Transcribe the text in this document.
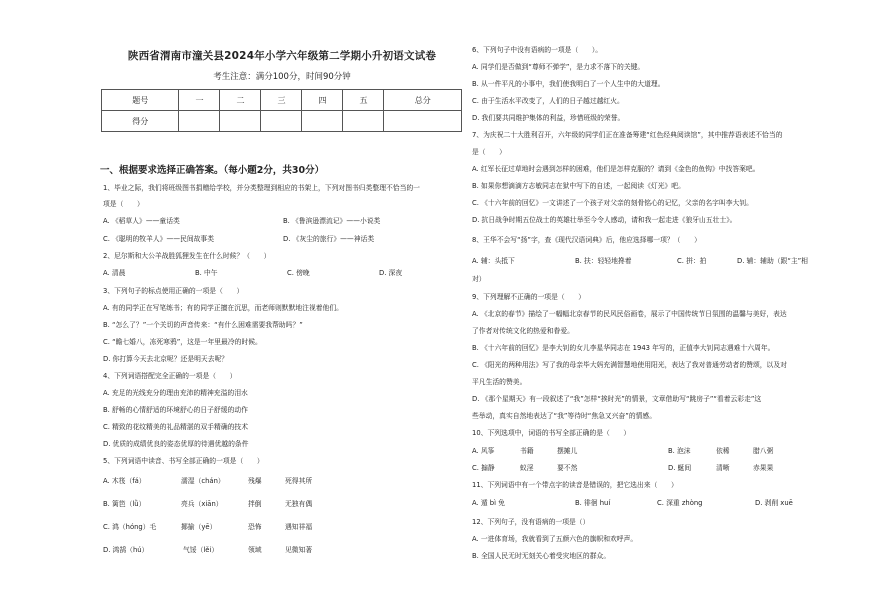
陕西省渭南市潼关县2024年小学六年级第二学期小升初语文试卷
考生注意：满分100分，时间90分钟
题号	一	二	三	四	五	总分
得分						
一、根据要求选择正确答案。（每小题2分，共30分）
1、毕业之际，我们将班级图书捐赠给学校，并分类整理到相应的书架上，下列对图书归类整理不恰当的一
项是（　　）
A. 《稻草人》——童话类	B. 《鲁滨逊漂流记》——小说类
C. 《聪明的牧羊人》——民间故事类	D. 《灰尘的旅行》——神话类
2、尼尔斯和大公羊战胜狐狸发生在什么时候？（　　）
A. 清晨	B. 中午	C. 傍晚	D. 深夜
3、下列句子的标点使用正确的一项是（　　）
A. 有的同学正在写笔练书；有的同学正擅在沉思，而老师则默默地注视着他们。
B. “怎么了？”一个关切的声音传来：“有什么困难需要我帮助吗？”
C. “瞻七婚八，冻死寒鸦”，这是一年里最冷的时候。
D. 你打算今天去北京呢？还是明天去呢？
4、下列词语搭配完全正确的一项是（　　）
A. 充足的光线充分的理由充沛的精神充溢的泪水
B. 舒畅的心情舒适的环境舒心的日子舒缓的动作
C. 精致的花纹精美的礼品精湛的双手精确的技术
D. 优质的成绩优良的姿态优厚的待遇优越的条件
5、下列词语中读音、书写全部正确的一项是（　　）
A. 木筏（fá）	濡湿（chán）	残爆	死得其所
B. 篱笆（lǜ）	亮兵（xiān）	拌倒	无独有偶
C. 鸿（hóng）毛	揶揄（yē）	恐怖	遇知祥福
D. 鸿鹄（hú）	气馁（lěi）	领域	见微知著
6、下列句子中没有语病的一项是（　　）。
A. 同学们是否做到“尊师不弹学”，是力求不落下的关键。
B. 从一件平凡的小事中，我们使我明白了一个人生中的大道理。
C. 由于生活水平改变了，人们的日子越过越红火。
D. 我们要共同维护集体的利益，珍惜班级的荣誉。
7、为庆祝二十大胜利召开，六年级的同学们正在准备筹建“红色经典阅读馆”，其中推荐语表述不恰当的
是（　　）
A. 红军长征过草地时会遇到怎样的困难，他们是怎样克服的？请到《金色的鱼钩》中找答案吧。
B. 如果你想滴滴方志敏同志在狱中写下的自述，一起阅读《灯光》吧。
C. 《十六年前的回忆》一文讲述了一个孩子对父亲的刻骨铭心的记忆，父亲的名字叫李大钊。
D. 抗日战争时期五位战士的英雄壮举至今令人感动，请和我一起走进《狼牙山五壮士》。
8、王华不会写“扬”字，查《现代汉语词典》后，他应选择哪一项？（　　）
A. 辅：头抵下	B. 扶：轻轻地搀着	C. 拼：拍	D. 辅：辅助（跟“主”相
对）
9、下列理解不正确的一项是（　　）
A. 《北京的春节》描绘了一幅幅北京春节的民风民俗画卷，展示了中国传统节日氛围的温馨与美好，表达
了作者对传统文化的热爱和眷爱。
B. 《十六年前的回忆》是李大钊的女儿李星华同志在 1943 年写的，正值李大钊同志遇难十六周年。
C. 《阳光的两种用法》写了我的母亲毕大妈充满智慧地使用阳光，表达了我对普通劳动者的赞颂，以及对
平凡生活的赞美。
D. 《那个星期天》有一段叙述了“我”怎样“挨时光”的情景，文章借助写“跳房子”“看着云彩走”这
些举动，真实自然地表达了“我”等待时“焦急又兴奋”的情感。
10、下列选项中，词语的书写全部正确的是（　　）
A. 风筝	书籍	摆摊儿	B. 泡沫	依稀	腊八粥
C. 搧静	蚁淫	要不然	D. 蜒间	清晰	赤果果
11、下列词语中有一个带点字的读音是错误的，把它选出来（　　）
A. 遁 bì 免	B. 徘徊 huí	C. 深重 zhòng	D. 剥削 xuē
12、下列句子，没有语病的一项是（）
A. 一进体育场，我就看到了五颜六色的旗帜和欢呼声。
B. 全国人民无时无刻关心着受灾地区的群众。
